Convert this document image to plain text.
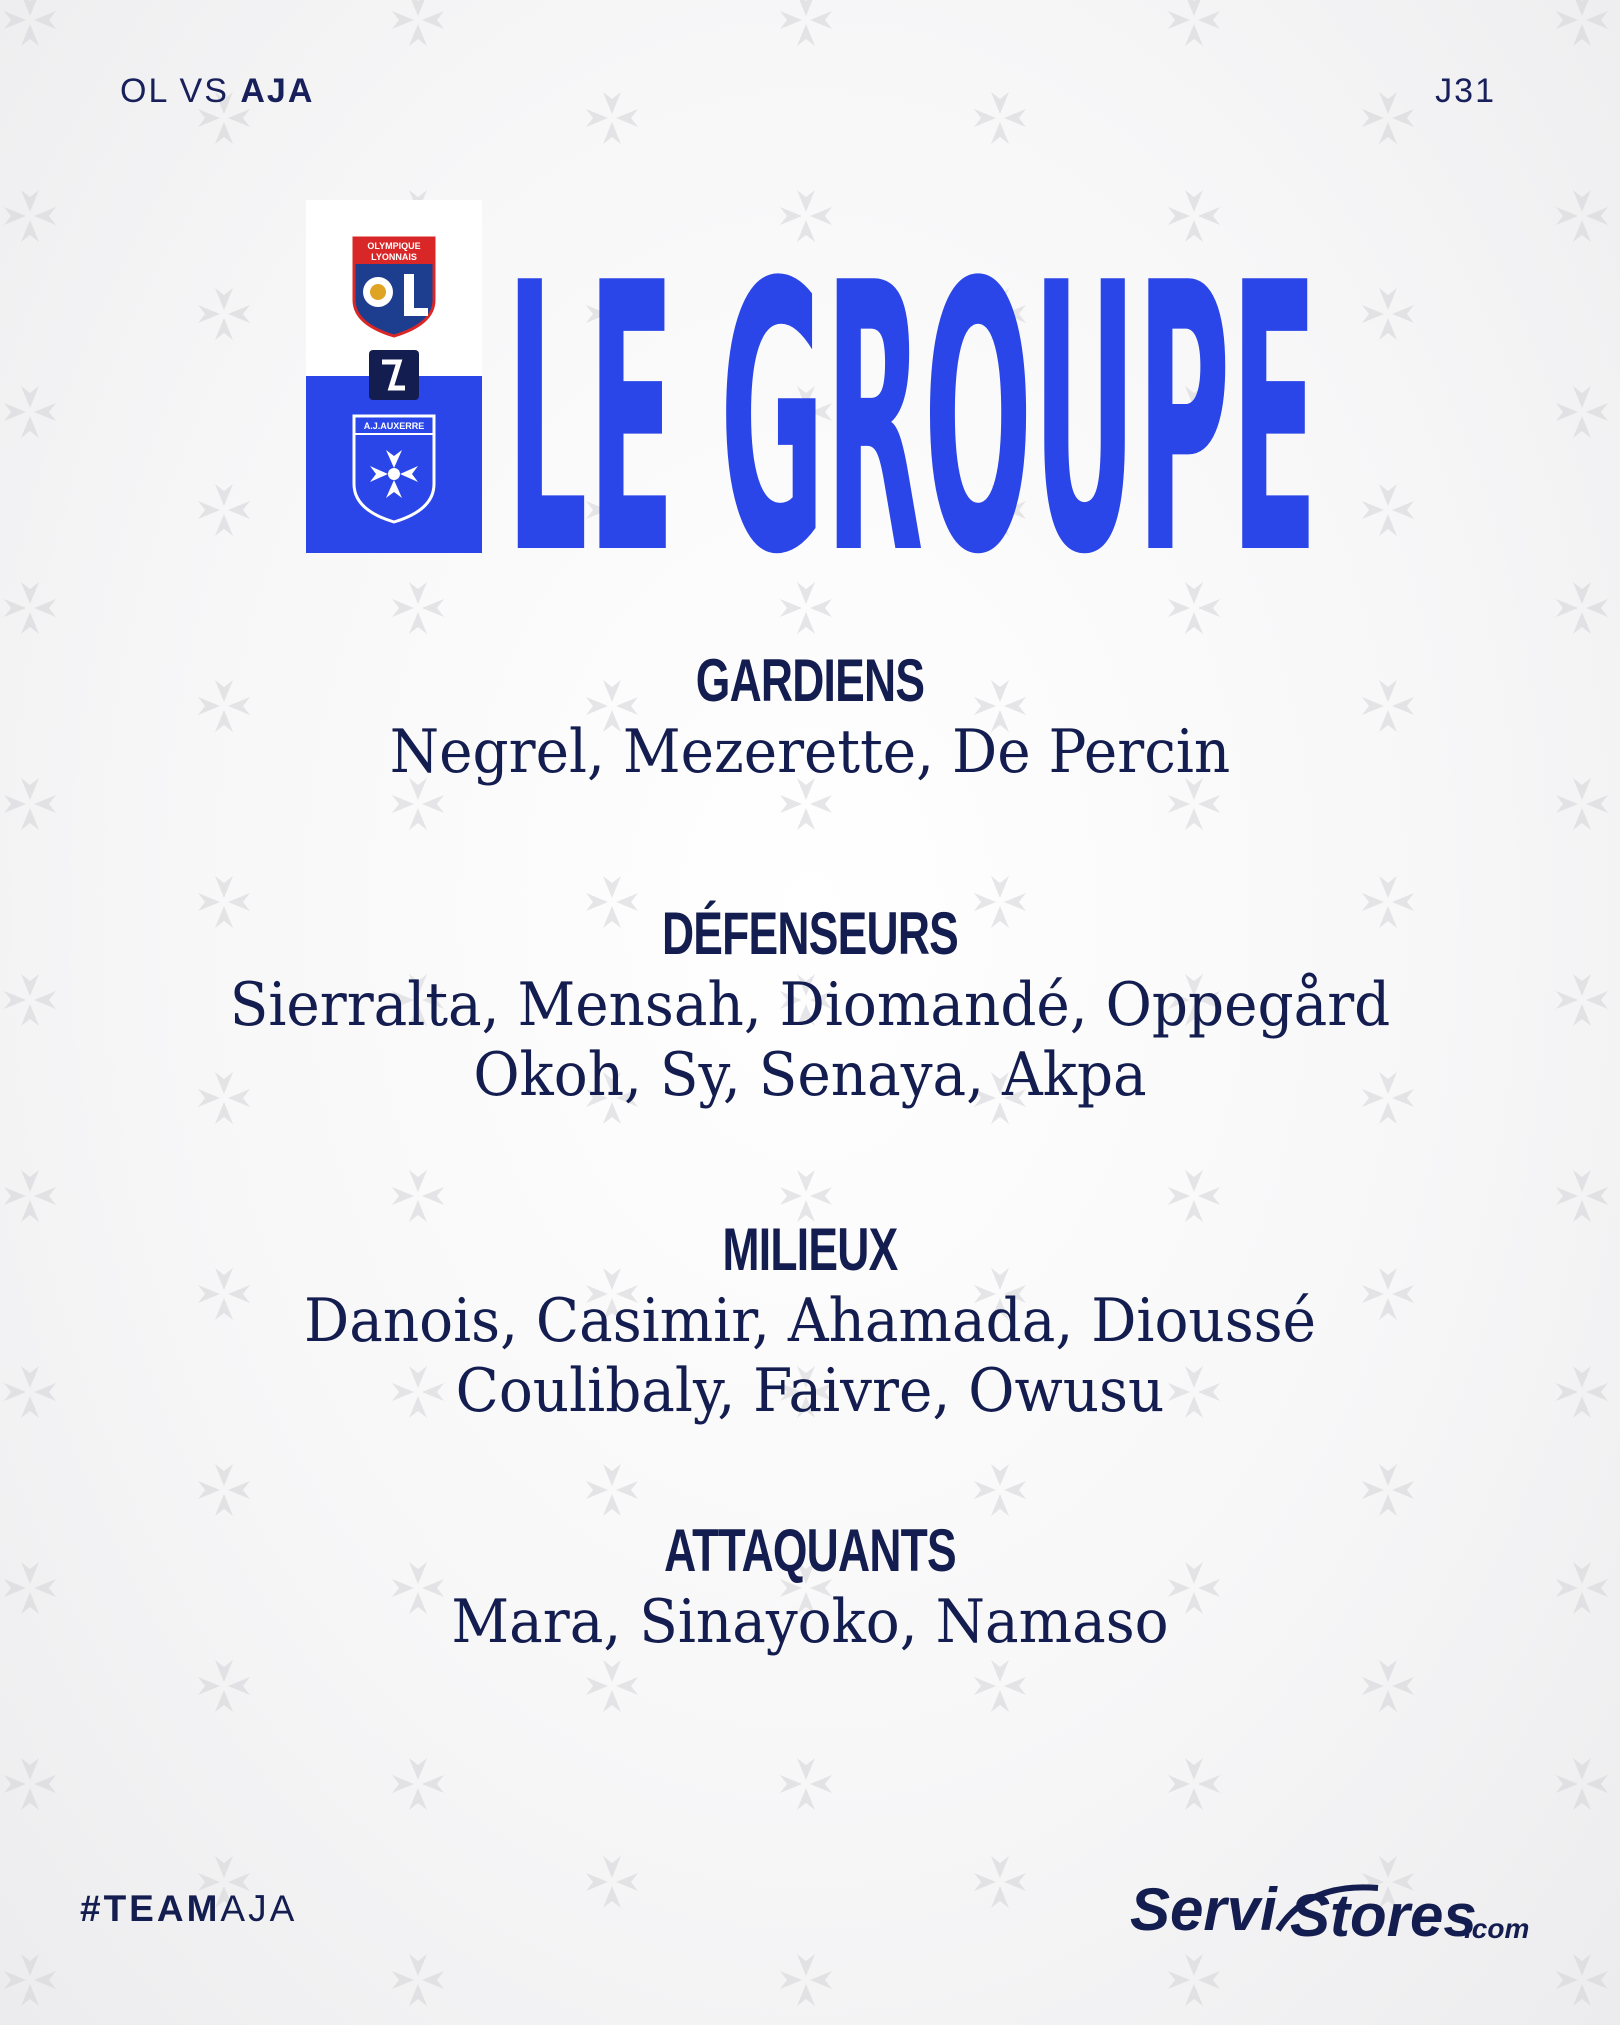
OL VS AJA	J31
OLYMPIQUE
LYONNAIS
A.J.AUXERRE LE GROUPE
GARDIENS
Negrel, Mezerette, De Percin
DÉFENSEURS
Sierralta, Mensah, Diomandé, Oppegård
Okoh, Sy, Senaya, Akpa
MILIEUX
Danois, Casimir, Ahamada, Dioussé
Coulibaly, Faivre, Owusu
ATTAQUANTS
Mara, Sinayoko, Namaso
#TEAMAJA	Servi Stores
.com
